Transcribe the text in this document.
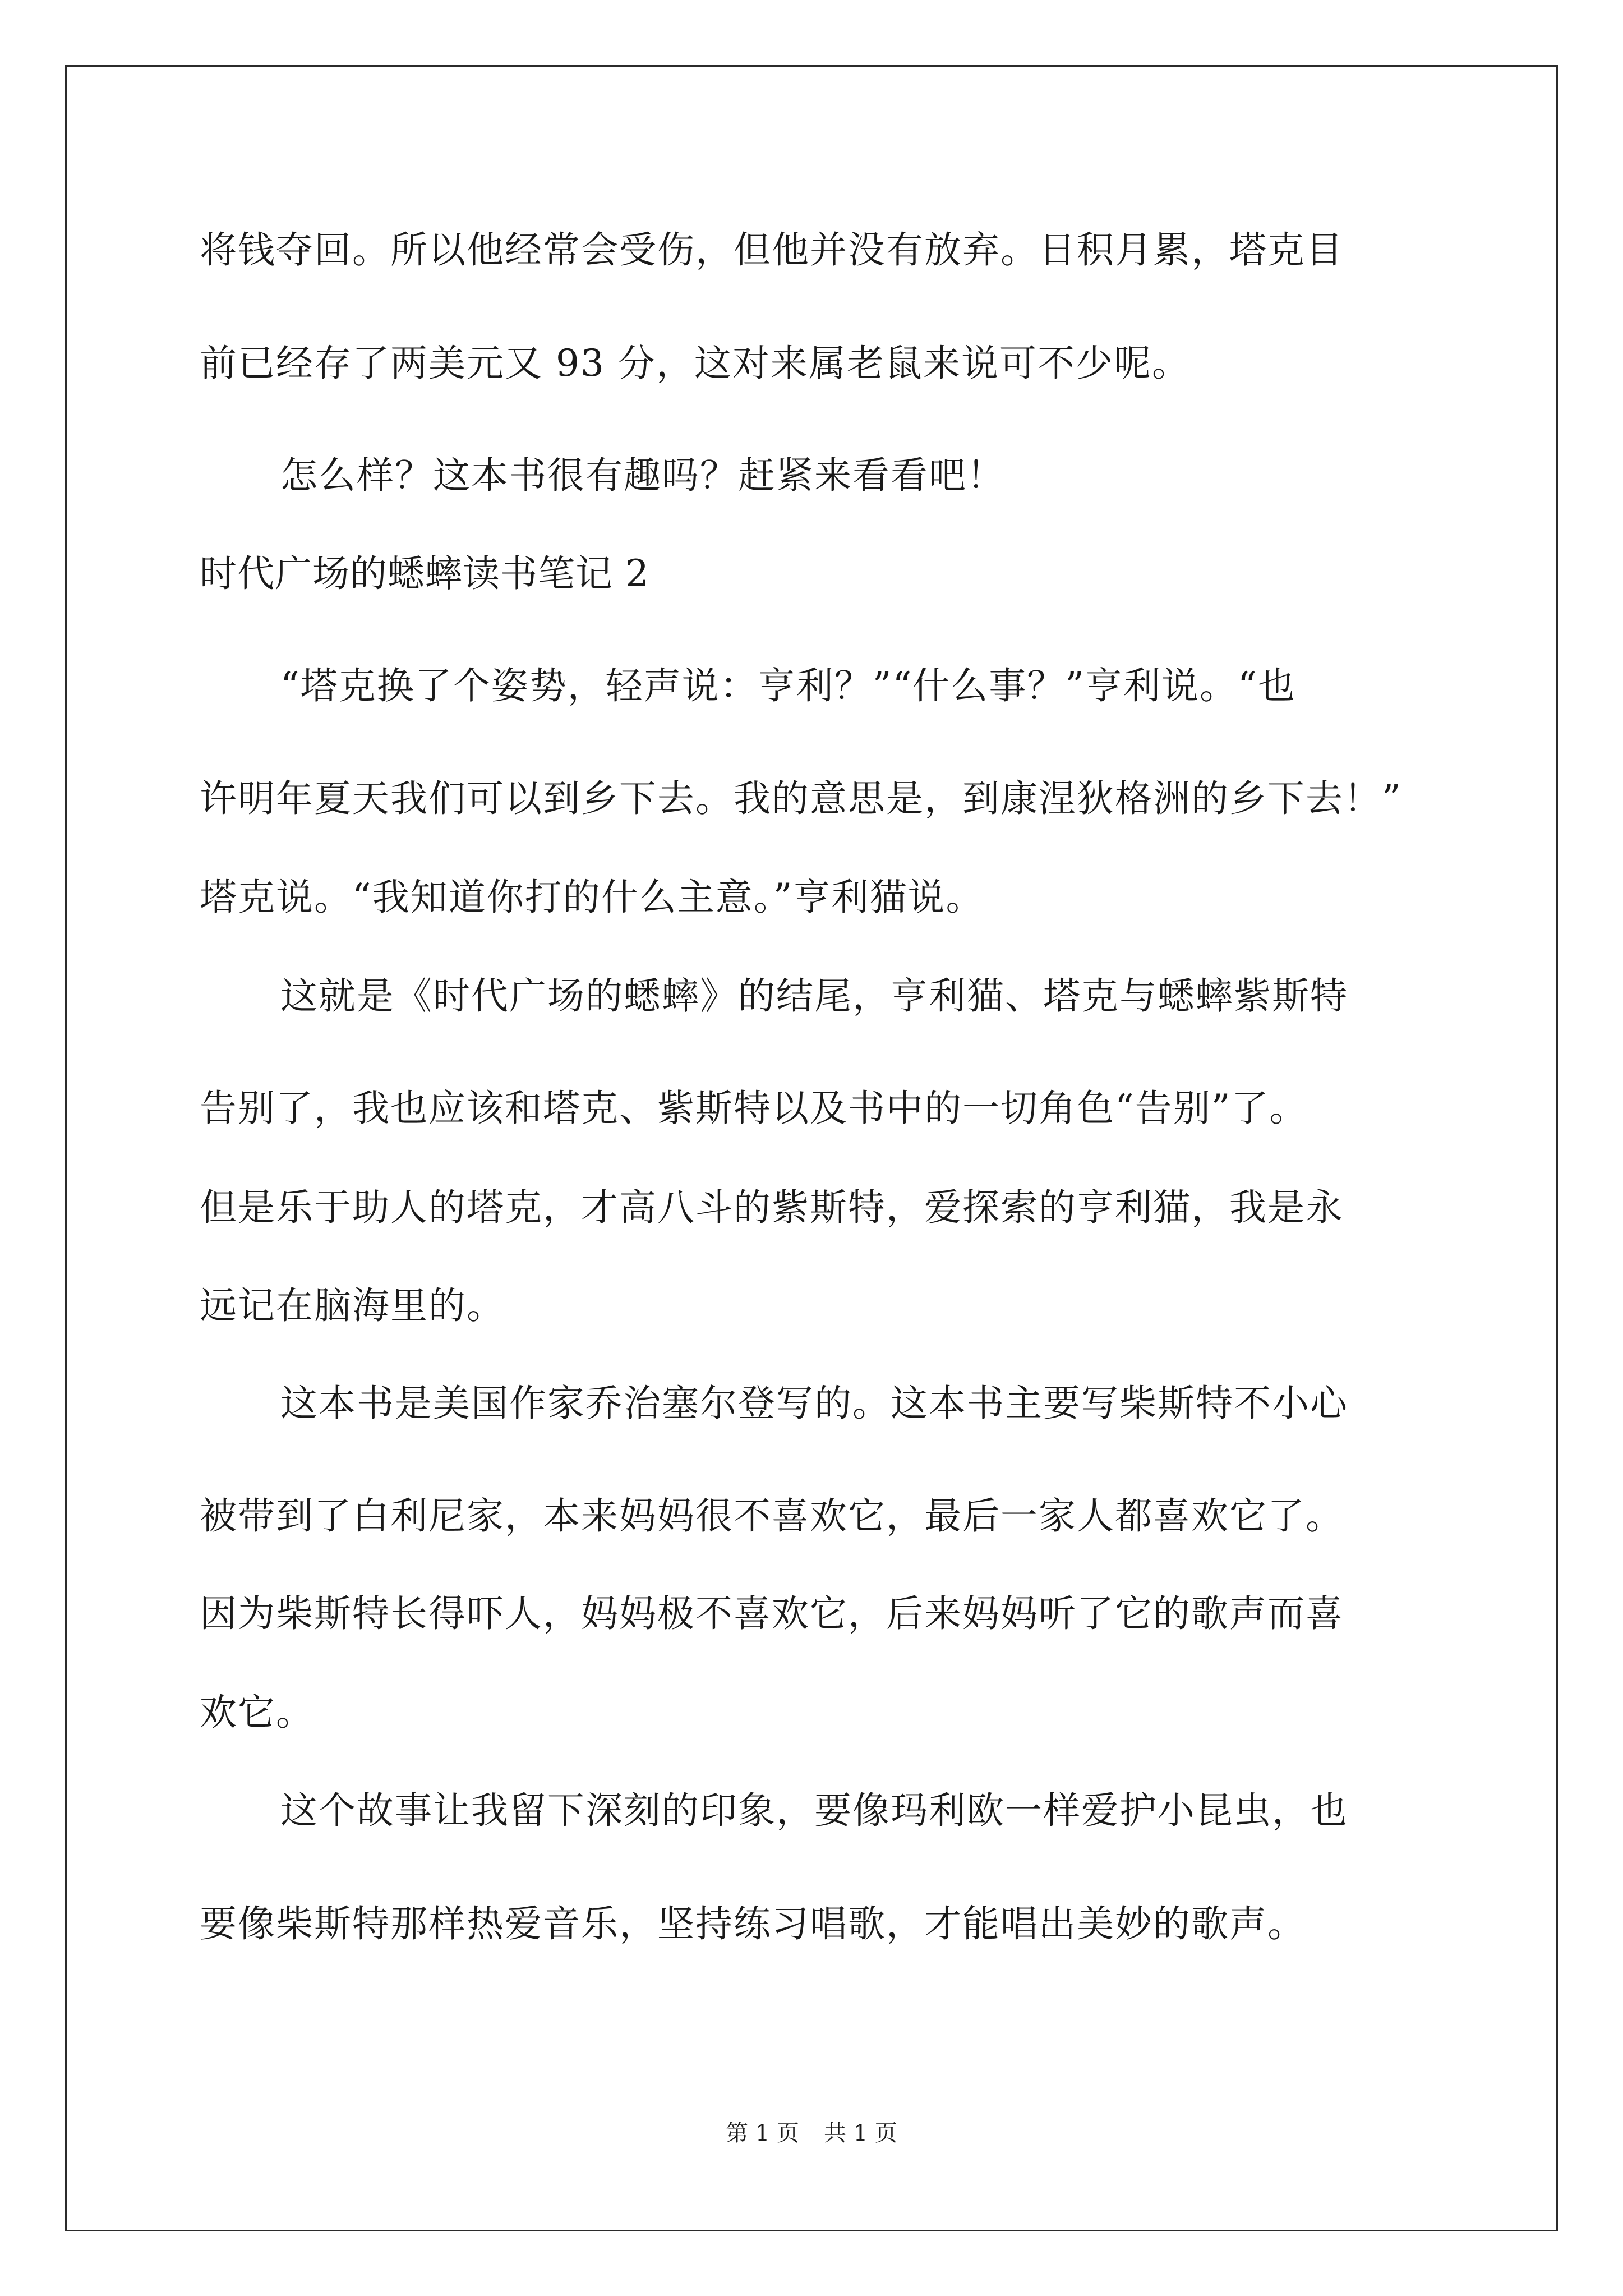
将钱夺回。所以他经常会受伤，但他并没有放弃。日积月累，塔克目
前已经存了两美元又 93 分，这对来属老鼠来说可不少呢。
怎么样？这本书很有趣吗？赶紧来看看吧！
时代广场的蟋蟀读书笔记 2
“塔克换了个姿势，轻声说：亨利？”“什么事？”亨利说。“也
许明年夏天我们可以到乡下去。我的意思是，到康涅狄格洲的乡下去！”
塔克说。“我知道你打的什么主意。”亨利猫说。
这就是《时代广场的蟋蟀》的结尾，亨利猫、塔克与蟋蟀紫斯特
告别了，我也应该和塔克、紫斯特以及书中的一切角色“告别”了。
但是乐于助人的塔克，才高八斗的紫斯特，爱探索的亨利猫，我是永
远记在脑海里的。
这本书是美国作家乔治塞尔登写的。这本书主要写柴斯特不小心
被带到了白利尼家，本来妈妈很不喜欢它，最后一家人都喜欢它了。
因为柴斯特长得吓人，妈妈极不喜欢它，后来妈妈听了它的歌声而喜
欢它。
这个故事让我留下深刻的印象，要像玛利欧一样爱护小昆虫，也
要像柴斯特那样热爱音乐，坚持练习唱歌，才能唱出美妙的歌声。
第 1 页 共 1 页
